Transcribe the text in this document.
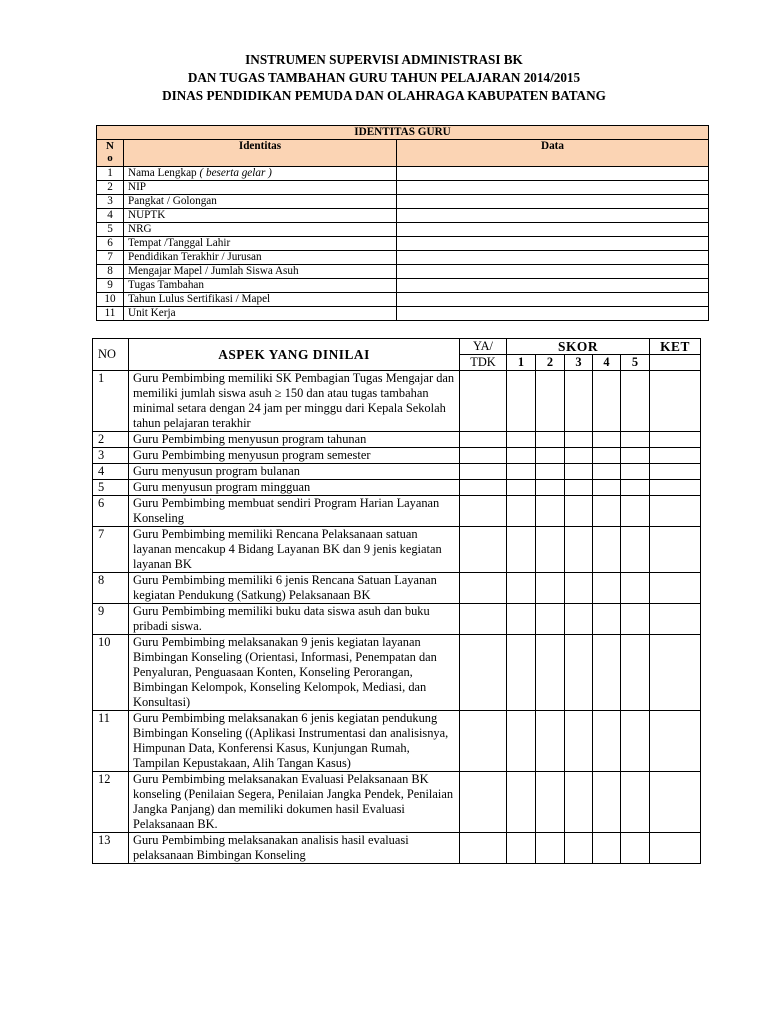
INSTRUMEN SUPERVISI ADMINISTRASI BK
DAN TUGAS TAMBAHAN GURU TAHUN PELAJARAN 2014/2015
DINAS PENDIDIKAN PEMUDA DAN OLAHRAGA KABUPATEN BATANG
IDENTITAS GURU		
N
o	Identitas	Data
1	Nama Lengkap ( beserta gelar )	
2	NIP	
3	Pangkat / Golongan	
4	NUPTK	
5	NRG	
6	Tempat /Tanggal Lahir	
7	Pendidikan Terakhir / Jurusan	
8	Mengajar Mapel / Jumlah Siswa Asuh	
9	Tugas Tambahan	
10	Tahun Lulus Sertifikasi / Mapel	
11	Unit Kerja	
NO	ASPEK YANG DINILAI	YA/	SKOR					KET
		TDK	1	2	3	4	5	
1	Guru Pembimbing memiliki SK Pembagian Tugas Mengajar dan memiliki jumlah siswa asuh ≥ 150 dan atau tugas tambahan minimal setara dengan 24 jam per minggu dari Kepala Sekolah tahun pelajaran terakhir							
2	Guru Pembimbing menyusun program tahunan							
3	Guru Pembimbing menyusun program semester							
4	Guru menyusun program bulanan							
5	Guru menyusun program mingguan							
6	Guru Pembimbing membuat sendiri Program Harian Layanan Konseling							
7	Guru Pembimbing memiliki Rencana Pelaksanaan satuan layanan mencakup 4 Bidang Layanan BK dan 9 jenis kegiatan layanan BK							
8	Guru Pembimbing memiliki 6 jenis Rencana Satuan Layanan kegiatan Pendukung (Satkung) Pelaksanaan BK							
9	Guru Pembimbing memiliki buku data siswa asuh dan buku pribadi siswa.							
10	Guru Pembimbing melaksanakan 9 jenis kegiatan layanan Bimbingan Konseling (Orientasi, Informasi, Penempatan dan Penyaluran, Penguasaan Konten, Konseling Perorangan, Bimbingan Kelompok, Konseling Kelompok, Mediasi, dan Konsultasi)							
11	Guru Pembimbing melaksanakan 6 jenis kegiatan pendukung Bimbingan Konseling ((Aplikasi Instrumentasi dan analisisnya, Himpunan Data, Konferensi Kasus, Kunjungan Rumah, Tampilan Kepustakaan, Alih Tangan Kasus)							
12	Guru Pembimbing melaksanakan Evaluasi Pelaksanaan BK konseling (Penilaian Segera, Penilaian Jangka Pendek, Penilaian Jangka Panjang) dan memiliki dokumen hasil Evaluasi Pelaksanaan BK.							
13	Guru Pembimbing melaksanakan analisis hasil evaluasi pelaksanaan Bimbingan Konseling							
